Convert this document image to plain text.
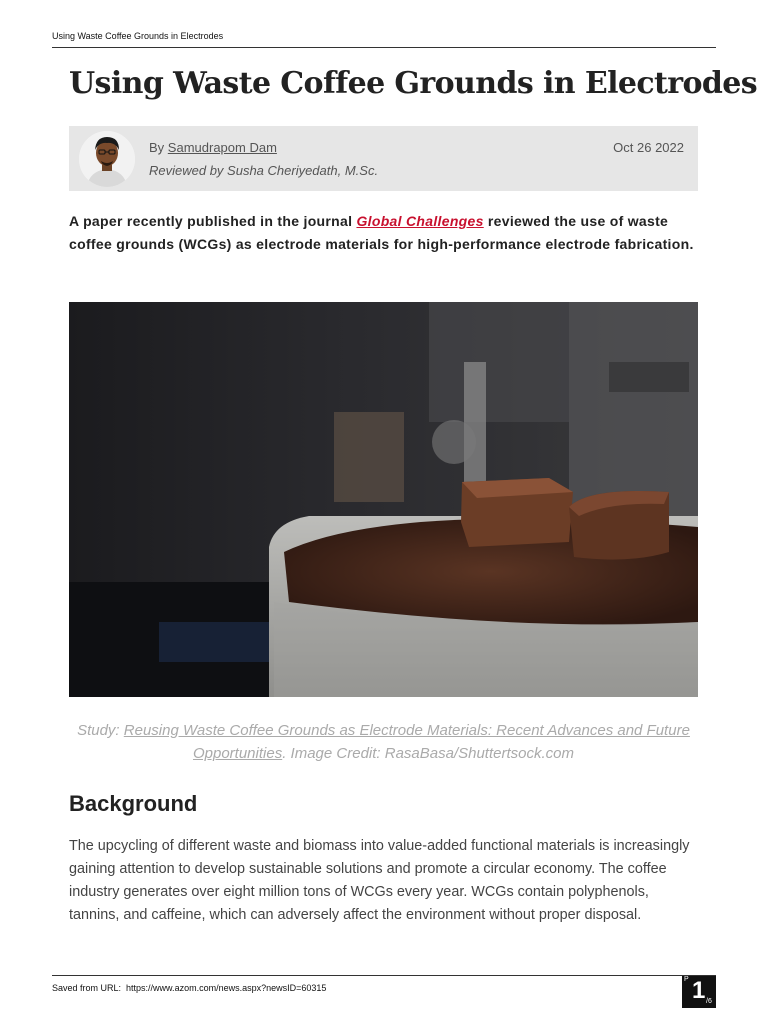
Using Waste Coffee Grounds in Electrodes
Using Waste Coffee Grounds in Electrodes
By Samudrapom Dam
Reviewed by Susha Cheriyedath, M.Sc.
Oct 26 2022

A paper recently published in the journal Global Challenges reviewed the use of waste coffee grounds (WCGs) as electrode materials for high-performance electrode fabrication.

Study: Reusing Waste Coffee Grounds as Electrode Materials: Recent Advances and Future Opportunities. Image Credit: RasaBasa/Shuttertsock.com

Background

The upcycling of different waste and biomass into value-added functional materials is increasingly gaining attention to develop sustainable solutions and promote a circular economy. The coffee industry generates over eight million tons of WCGs every year. WCGs contain polyphenols, tannins, and caffeine, which can adversely affect the environment without proper disposal.

Saved from URL: https://www.azom.com/news.aspx?newsID=60315
P 1 /6
